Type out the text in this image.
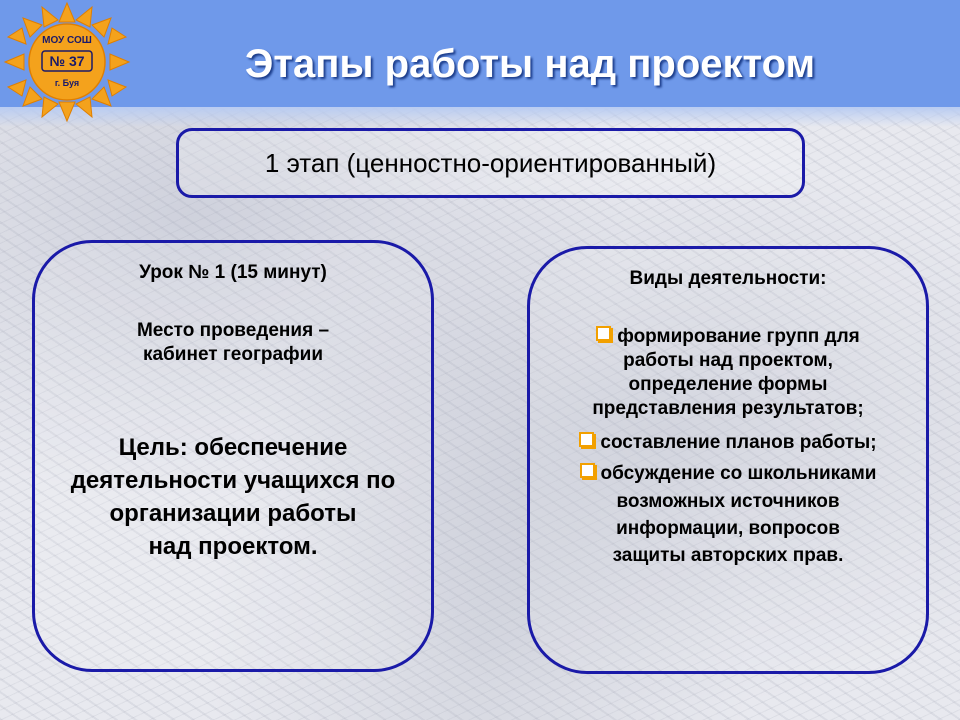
МОУ СОШ
№ 37
г. Буя	Этапы работы над проектом
1 этап (ценностно-ориентированный)
Урок № 1 (15 минут)
Место проведения –
кабинет географии
Цель: обеспечение
деятельности учащихся по
организации работы
над проектом.
Виды деятельности:
формирование групп для
работы над проектом,
определение формы
представления результатов;
составление планов работы;
обсуждение со школьниками
возможных источников
информации, вопросов
защиты авторских прав.
